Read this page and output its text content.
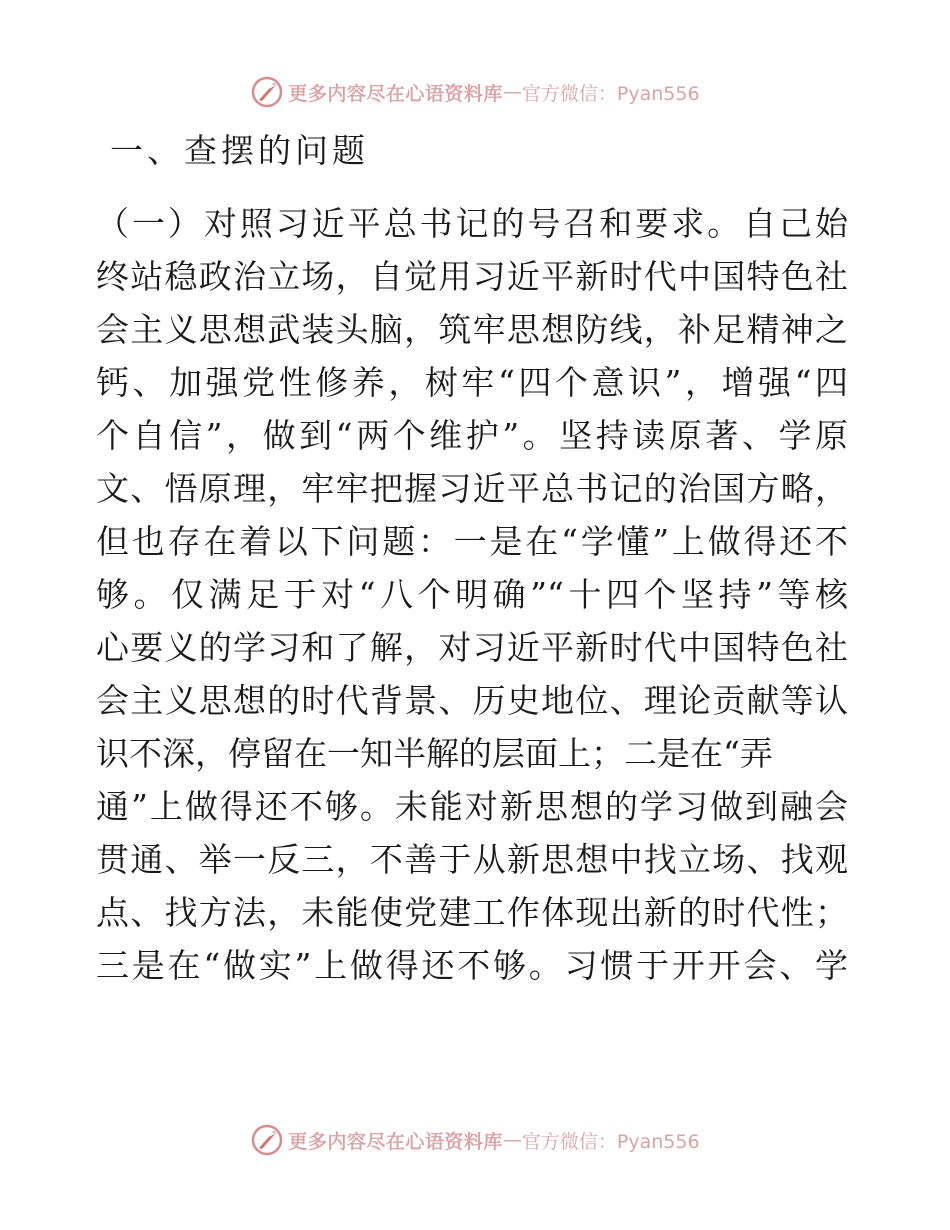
更多内容尽在心语资料库 — 官方微信：Pyan556
一、查摆的问题
（一）对照习近平总书记的号召和要求。自己始
终站稳政治立场，自觉用习近平新时代中国特色社
会主义思想武装头脑，筑牢思想防线，补足精神之
钙、加强党性修养，树牢“四个意识”，增强“四
个自信”，做到“两个维护”。坚持读原著、学原
文、悟原理，牢牢把握习近平总书记的治国方略，
但也存在着以下问题：一是在“学懂”上做得还不
够。仅满足于对“八个明确”“十四个坚持”等核
心要义的学习和了解，对习近平新时代中国特色社
会主义思想的时代背景、历史地位、理论贡献等认
识不深，停留在一知半解的层面上；二是在“弄
通”上做得还不够。未能对新思想的学习做到融会
贯通、举一反三，不善于从新思想中找立场、找观
点、找方法，未能使党建工作体现出新的时代性；
三是在“做实”上做得还不够。习惯于开开会、学
更多内容尽在心语资料库 — 官方微信：Pyan556
